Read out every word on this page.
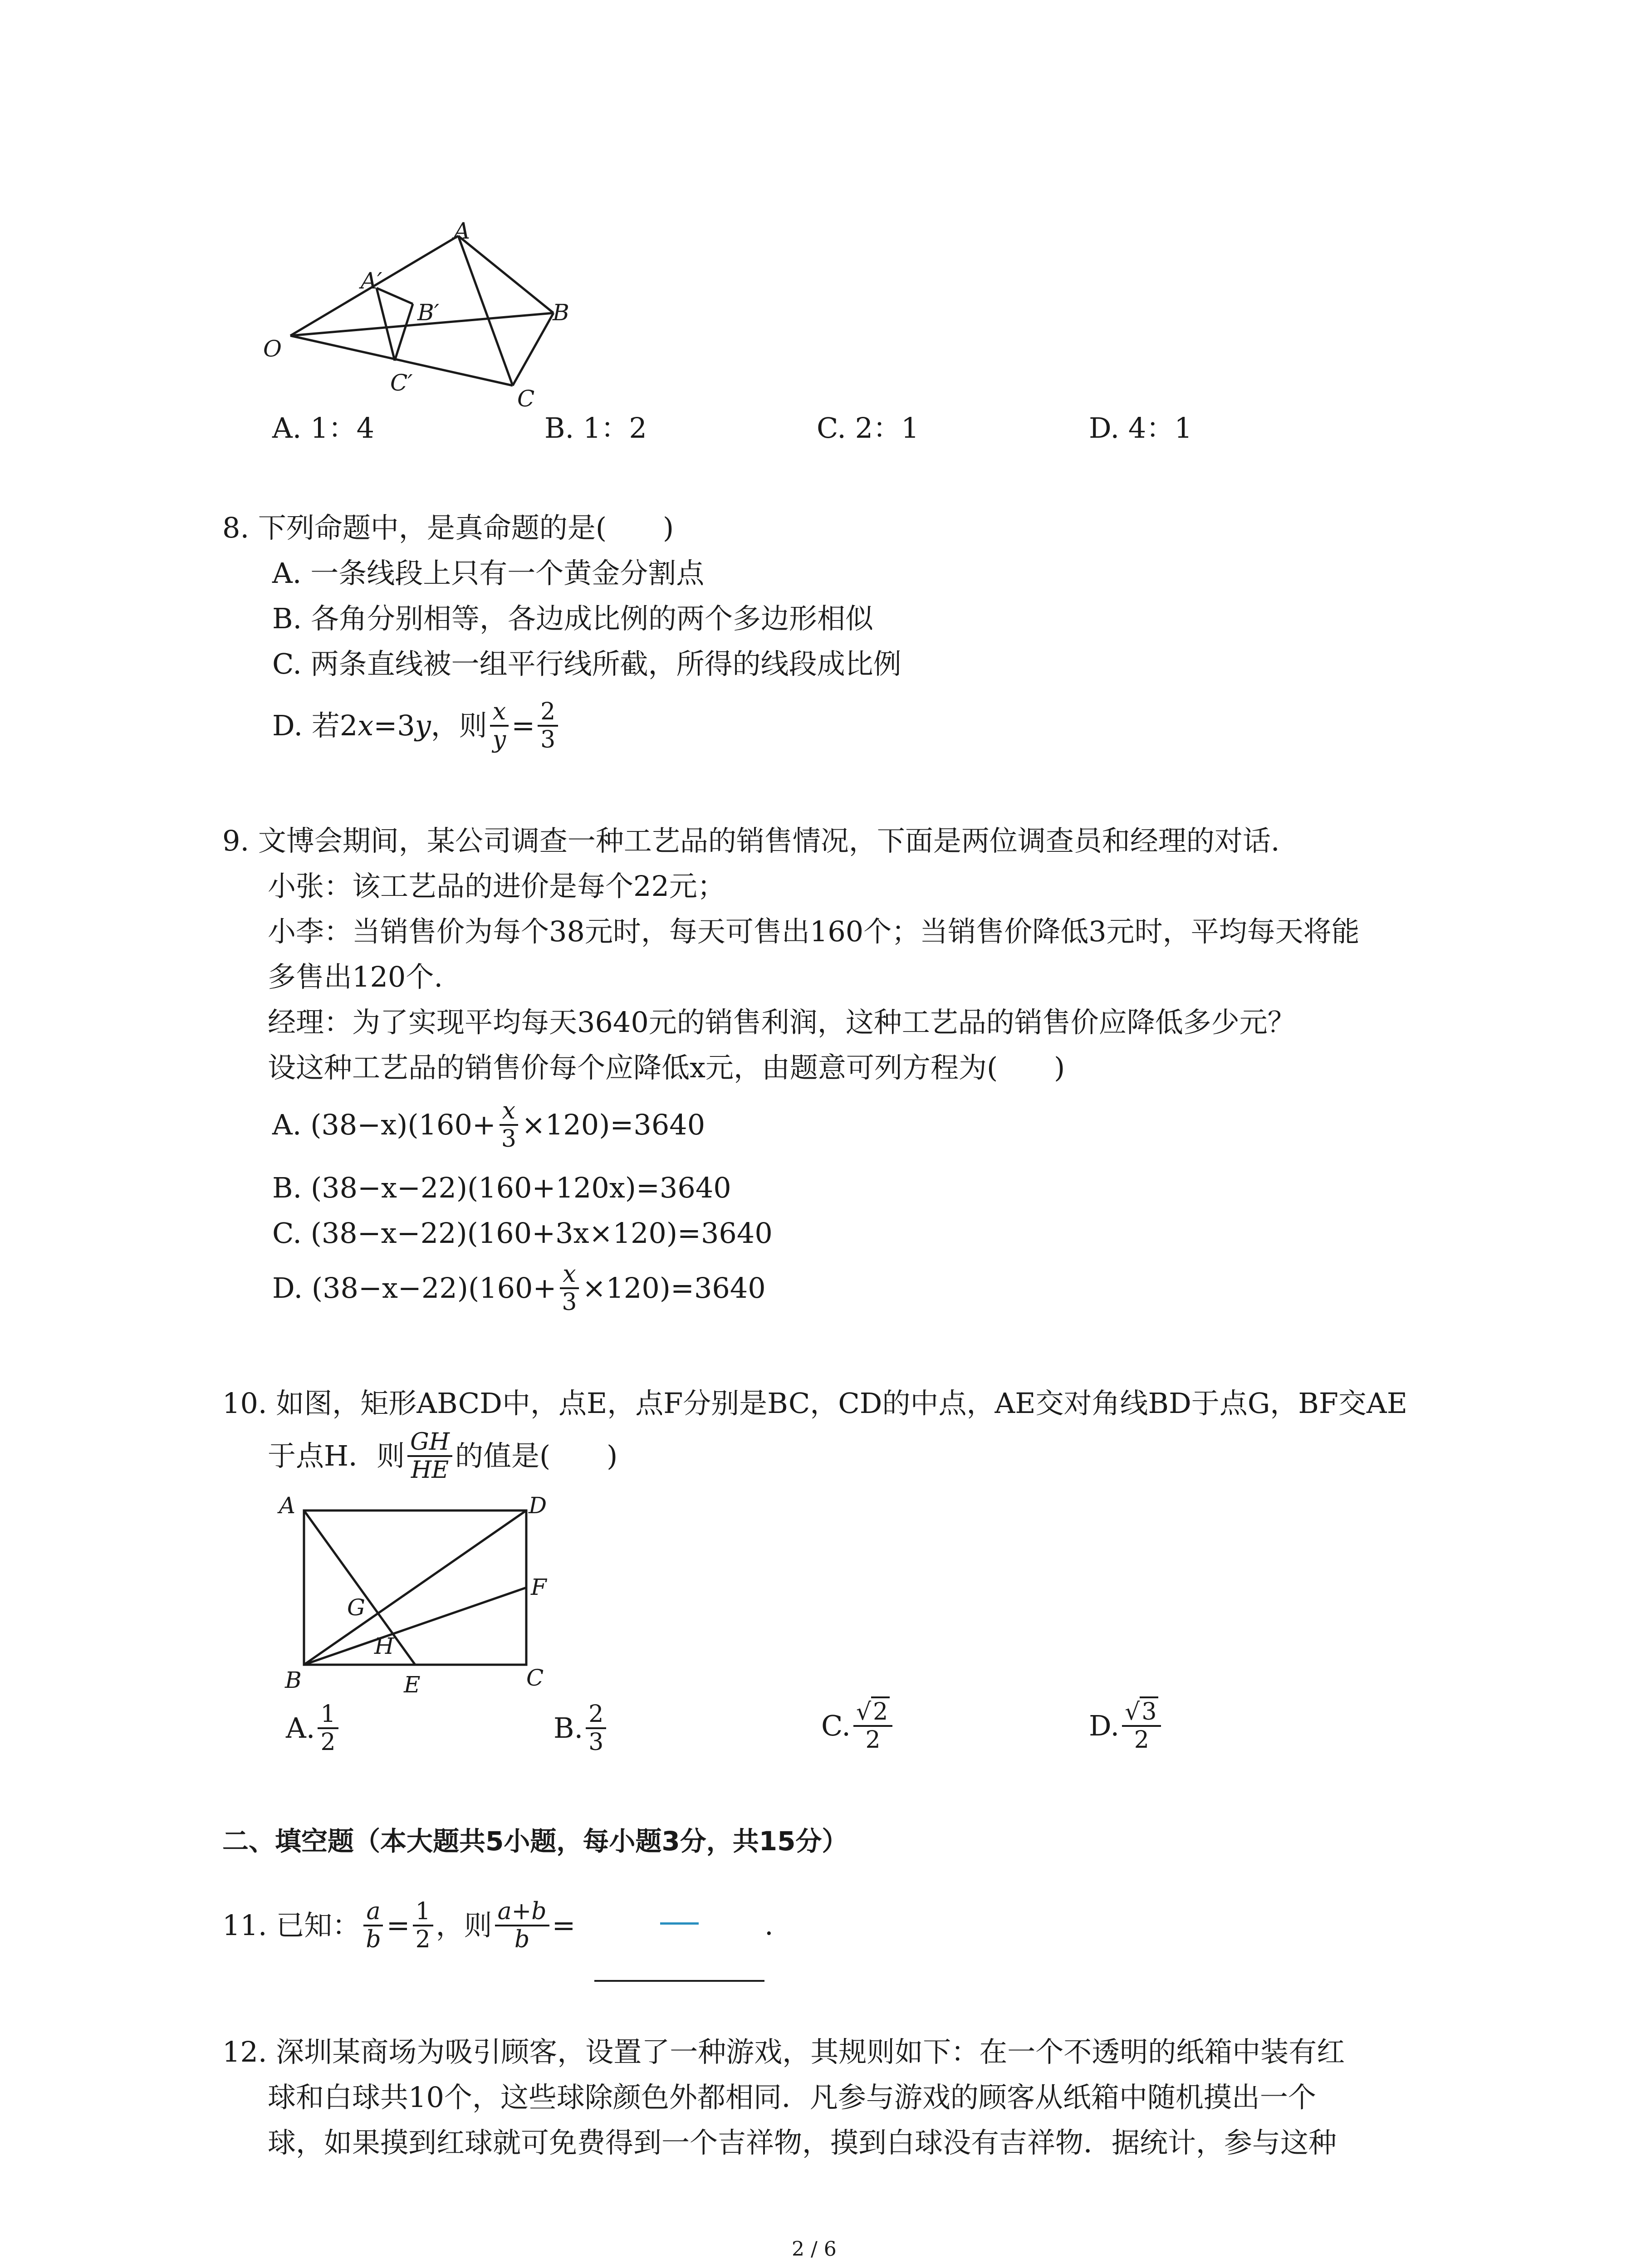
A
A′
B′	B
O
C′
C
A. 1：4	B. 1：2	C. 2：1	D. 4：1
8. 下列命题中，是真命题的是(　　)
A. 一条线段上只有一个黄金分割点
B. 各角分别相等，各边成比例的两个多边形相似
C. 两条直线被一组平行线所截，所得的线段成比例
D. 若2 x =3 y ，则 $\frac{x}{y} = \frac{2}{3}$
9. 文博会期间，某公司调查一种工艺品的销售情况，下面是两位调查员和经理的对话.
小张：该工艺品的进价是每个22元；
小李：当销售价为每个38元时，每天可售出160个；当销售价降低3元时，平均每天将能
多售出120个.
经理：为了实现平均每天3640元的销售利润，这种工艺品的销售价应降低多少元？
设这种工艺品的销售价每个应降低x元，由题意可列方程为(　　)
A. $(38-x)(160+ \frac{x}{3} \times 120)=3640$
B. (38−x−22)(160+120x)=3640
C. (38−x−22)(160+3x×120)=3640
D. $(38-x-22)(160+ \frac{x}{3} \times 120)=3640$
10. 如图，矩形ABCD中，点E，点F分别是BC，CD的中点，AE交对角线BD于点G，BF交AE
于点H．则 $\frac{GH}{HE}$ 的值是(　　)
A	D
F
G
H
B	E	C
A. $\frac{1}{2}$	B. $\frac{2}{3}$	C. $\frac{√2}{2}$	D. $\frac{√3}{2}$
二、填空题（本大题共5小题，每小题3分，共15分）
11. 已知： $\frac{a}{b} = \frac{1}{2}$ ，则 $\frac{a+b}{b}$ =	.
12. 深圳某商场为吸引顾客，设置了一种游戏，其规则如下：在一个不透明的纸箱中装有红
球和白球共10个，这些球除颜色外都相同．凡参与游戏的顾客从纸箱中随机摸出一个
球，如果摸到红球就可免费得到一个吉祥物，摸到白球没有吉祥物．据统计，参与这种
2 / 6
